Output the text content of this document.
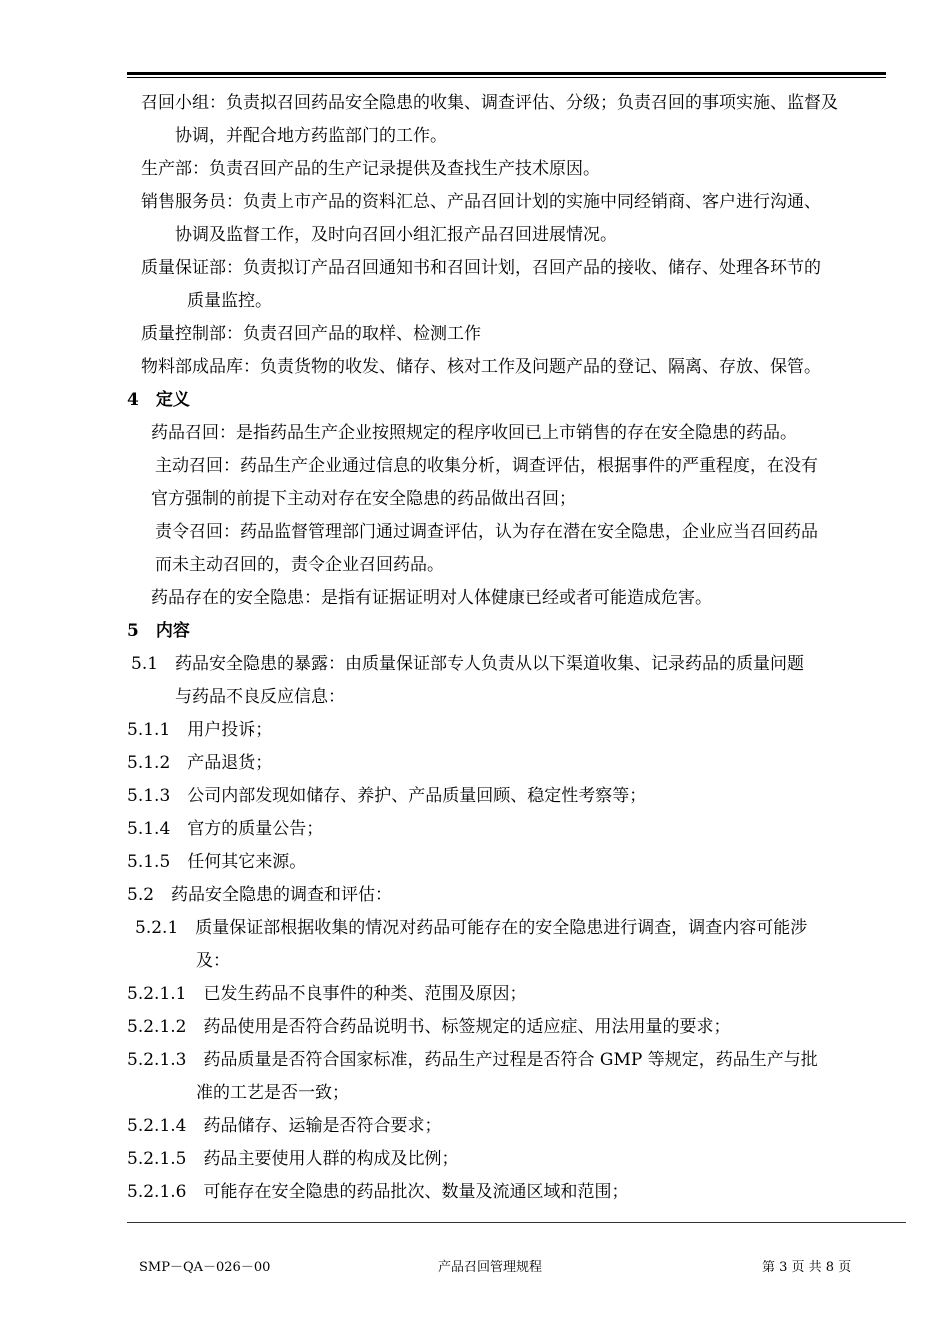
召回小组：负责拟召回药品安全隐患的收集、调查评估、分级；负责召回的事项实施、监督及
协调，并配合地方药监部门的工作。
生产部：负责召回产品的生产记录提供及查找生产技术原因。
销售服务员：负责上市产品的资料汇总、产品召回计划的实施中同经销商、客户进行沟通、
协调及监督工作，及时向召回小组汇报产品召回进展情况。
质量保证部：负责拟订产品召回通知书和召回计划，召回产品的接收、储存、处理各环节的
质量监控。
质量控制部：负责召回产品的取样、检测工作
物料部成品库：负责货物的收发、储存、核对工作及问题产品的登记、隔离、存放、保管。
4　定义
药品召回：是指药品生产企业按照规定的程序收回已上市销售的存在安全隐患的药品。
主动召回：药品生产企业通过信息的收集分析，调查评估，根据事件的严重程度，在没有
官方强制的前提下主动对存在安全隐患的药品做出召回；
责令召回：药品监督管理部门通过调查评估，认为存在潜在安全隐患，企业应当召回药品
而未主动召回的，责令企业召回药品。
药品存在的安全隐患：是指有证据证明对人体健康已经或者可能造成危害。
5　内容
5.1　药品安全隐患的暴露：由质量保证部专人负责从以下渠道收集、记录药品的质量问题
与药品不良反应信息：
5.1.1　用户投诉；
5.1.2　产品退货；
5.1.3　公司内部发现如储存、养护、产品质量回顾、稳定性考察等；
5.1.4　官方的质量公告；
5.1.5　任何其它来源。
5.2　药品安全隐患的调查和评估：
5.2.1　质量保证部根据收集的情况对药品可能存在的安全隐患进行调查，调查内容可能涉
及：
5.2.1.1　已发生药品不良事件的种类、范围及原因；
5.2.1.2　药品使用是否符合药品说明书、标签规定的适应症、用法用量的要求；
5.2.1.3　药品质量是否符合国家标准，药品生产过程是否符合 GMP 等规定，药品生产与批
准的工艺是否一致；
5.2.1.4　药品储存、运输是否符合要求；
5.2.1.5　药品主要使用人群的构成及比例；
5.2.1.6　可能存在安全隐患的药品批次、数量及流通区域和范围；
SMP－QA－026－00	产品召回管理规程	第 3 页 共 8 页
